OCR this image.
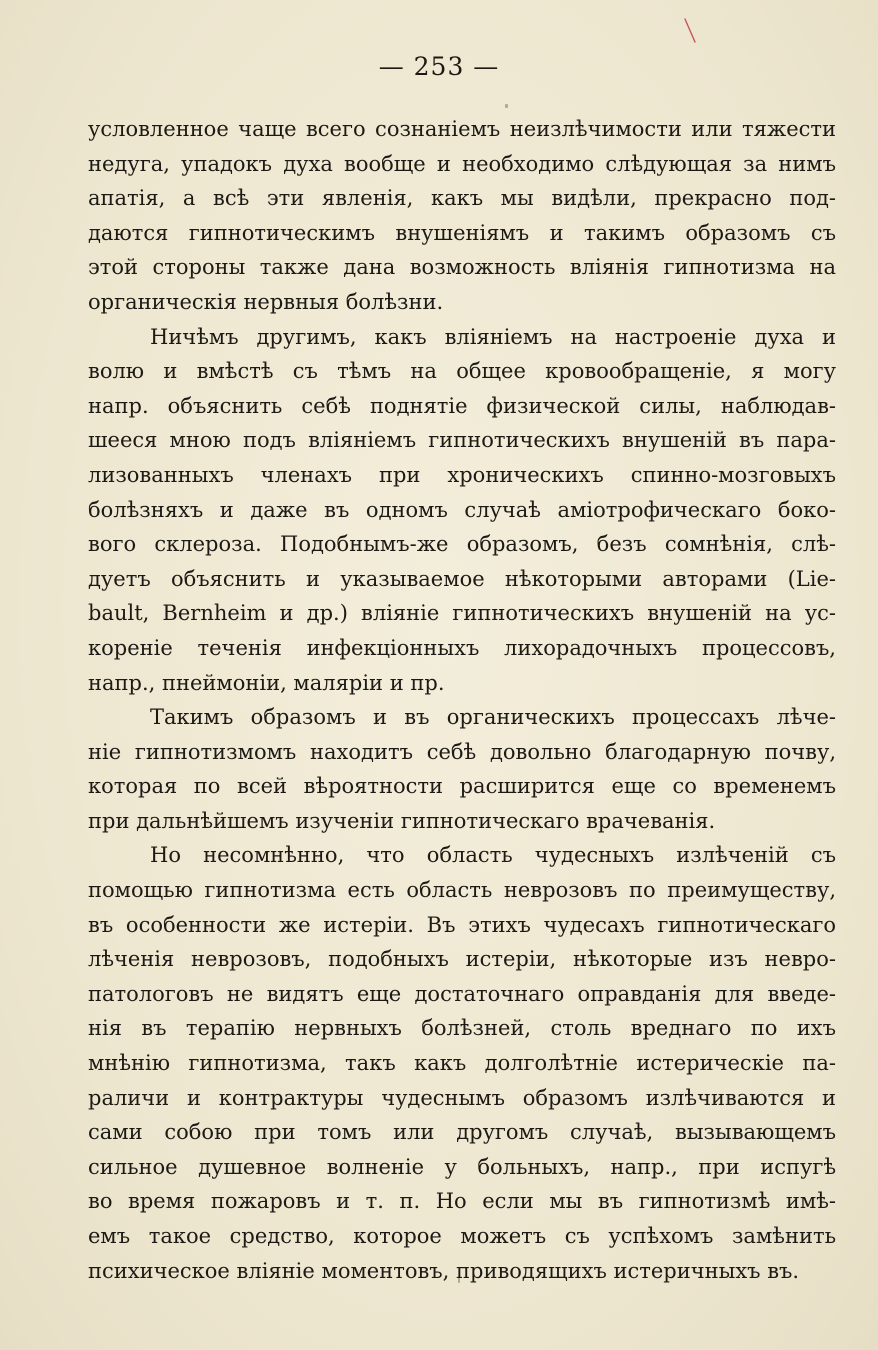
— 253 —
условленное чаще всего сознаніемъ неизлѣчимости или тяжести
недуга, упадокъ духа вообще и необходимо слѣдующая за нимъ
апатія, а всѣ эти явленія, какъ мы видѣли, прекрасно под-
даются гипнотическимъ внушеніямъ и такимъ образомъ съ
этой стороны также дана возможность вліянія гипнотизма на
органическія нервныя болѣзни.
Ничѣмъ другимъ, какъ вліяніемъ на настроеніе духа и
волю и вмѣстѣ съ тѣмъ на общее кровообращеніе, я могу
напр. объяснить себѣ поднятіе физической силы, наблюдав-
шееся мною подъ вліяніемъ гипнотическихъ внушеній въ пара-
лизованныхъ членахъ при хроническихъ спинно-мозговыхъ
болѣзняхъ и даже въ одномъ случаѣ аміотрофическаго боко-
вого склероза. Подобнымъ-же образомъ, безъ сомнѣнія, слѣ-
дуетъ объяснить и указываемое нѣкоторыми авторами (Lie-
bault, Bernheim и др.) вліяніе гипнотическихъ внушеній на ус-
кореніе теченія инфекціонныхъ лихорадочныхъ процессовъ,
напр., пнеймоніи, маляріи и пр.
Такимъ образомъ и въ органическихъ процессахъ лѣче-
ніе гипнотизмомъ находитъ себѣ довольно благодарную почву,
которая по всей вѣроятности расширится еще со временемъ
при дальнѣйшемъ изученіи гипнотическаго врачеванія.
Но несомнѣнно, что область чудесныхъ излѣченій съ
помощью гипнотизма есть область неврозовъ по преимуществу,
въ особенности же истеріи. Въ этихъ чудесахъ гипнотическаго
лѣченія неврозовъ, подобныхъ истеріи, нѣкоторые изъ невро-
патологовъ не видятъ еще достаточнаго оправданія для введе-
нія въ терапію нервныхъ болѣзней, столь вреднаго по ихъ
мнѣнію гипнотизма, такъ какъ долголѣтніе истерическіе па-
раличи и контрактуры чудеснымъ образомъ излѣчиваются и
сами собою при томъ или другомъ случаѣ, вызывающемъ
сильное душевное волненіе у больныхъ, напр., при испугѣ
во время пожаровъ и т. п. Но если мы въ гипнотизмѣ имѣ-
емъ такое средство, которое можетъ съ успѣхомъ замѣнить
психическое вліяніе моментовъ, приводящихъ истеричныхъ въ.
